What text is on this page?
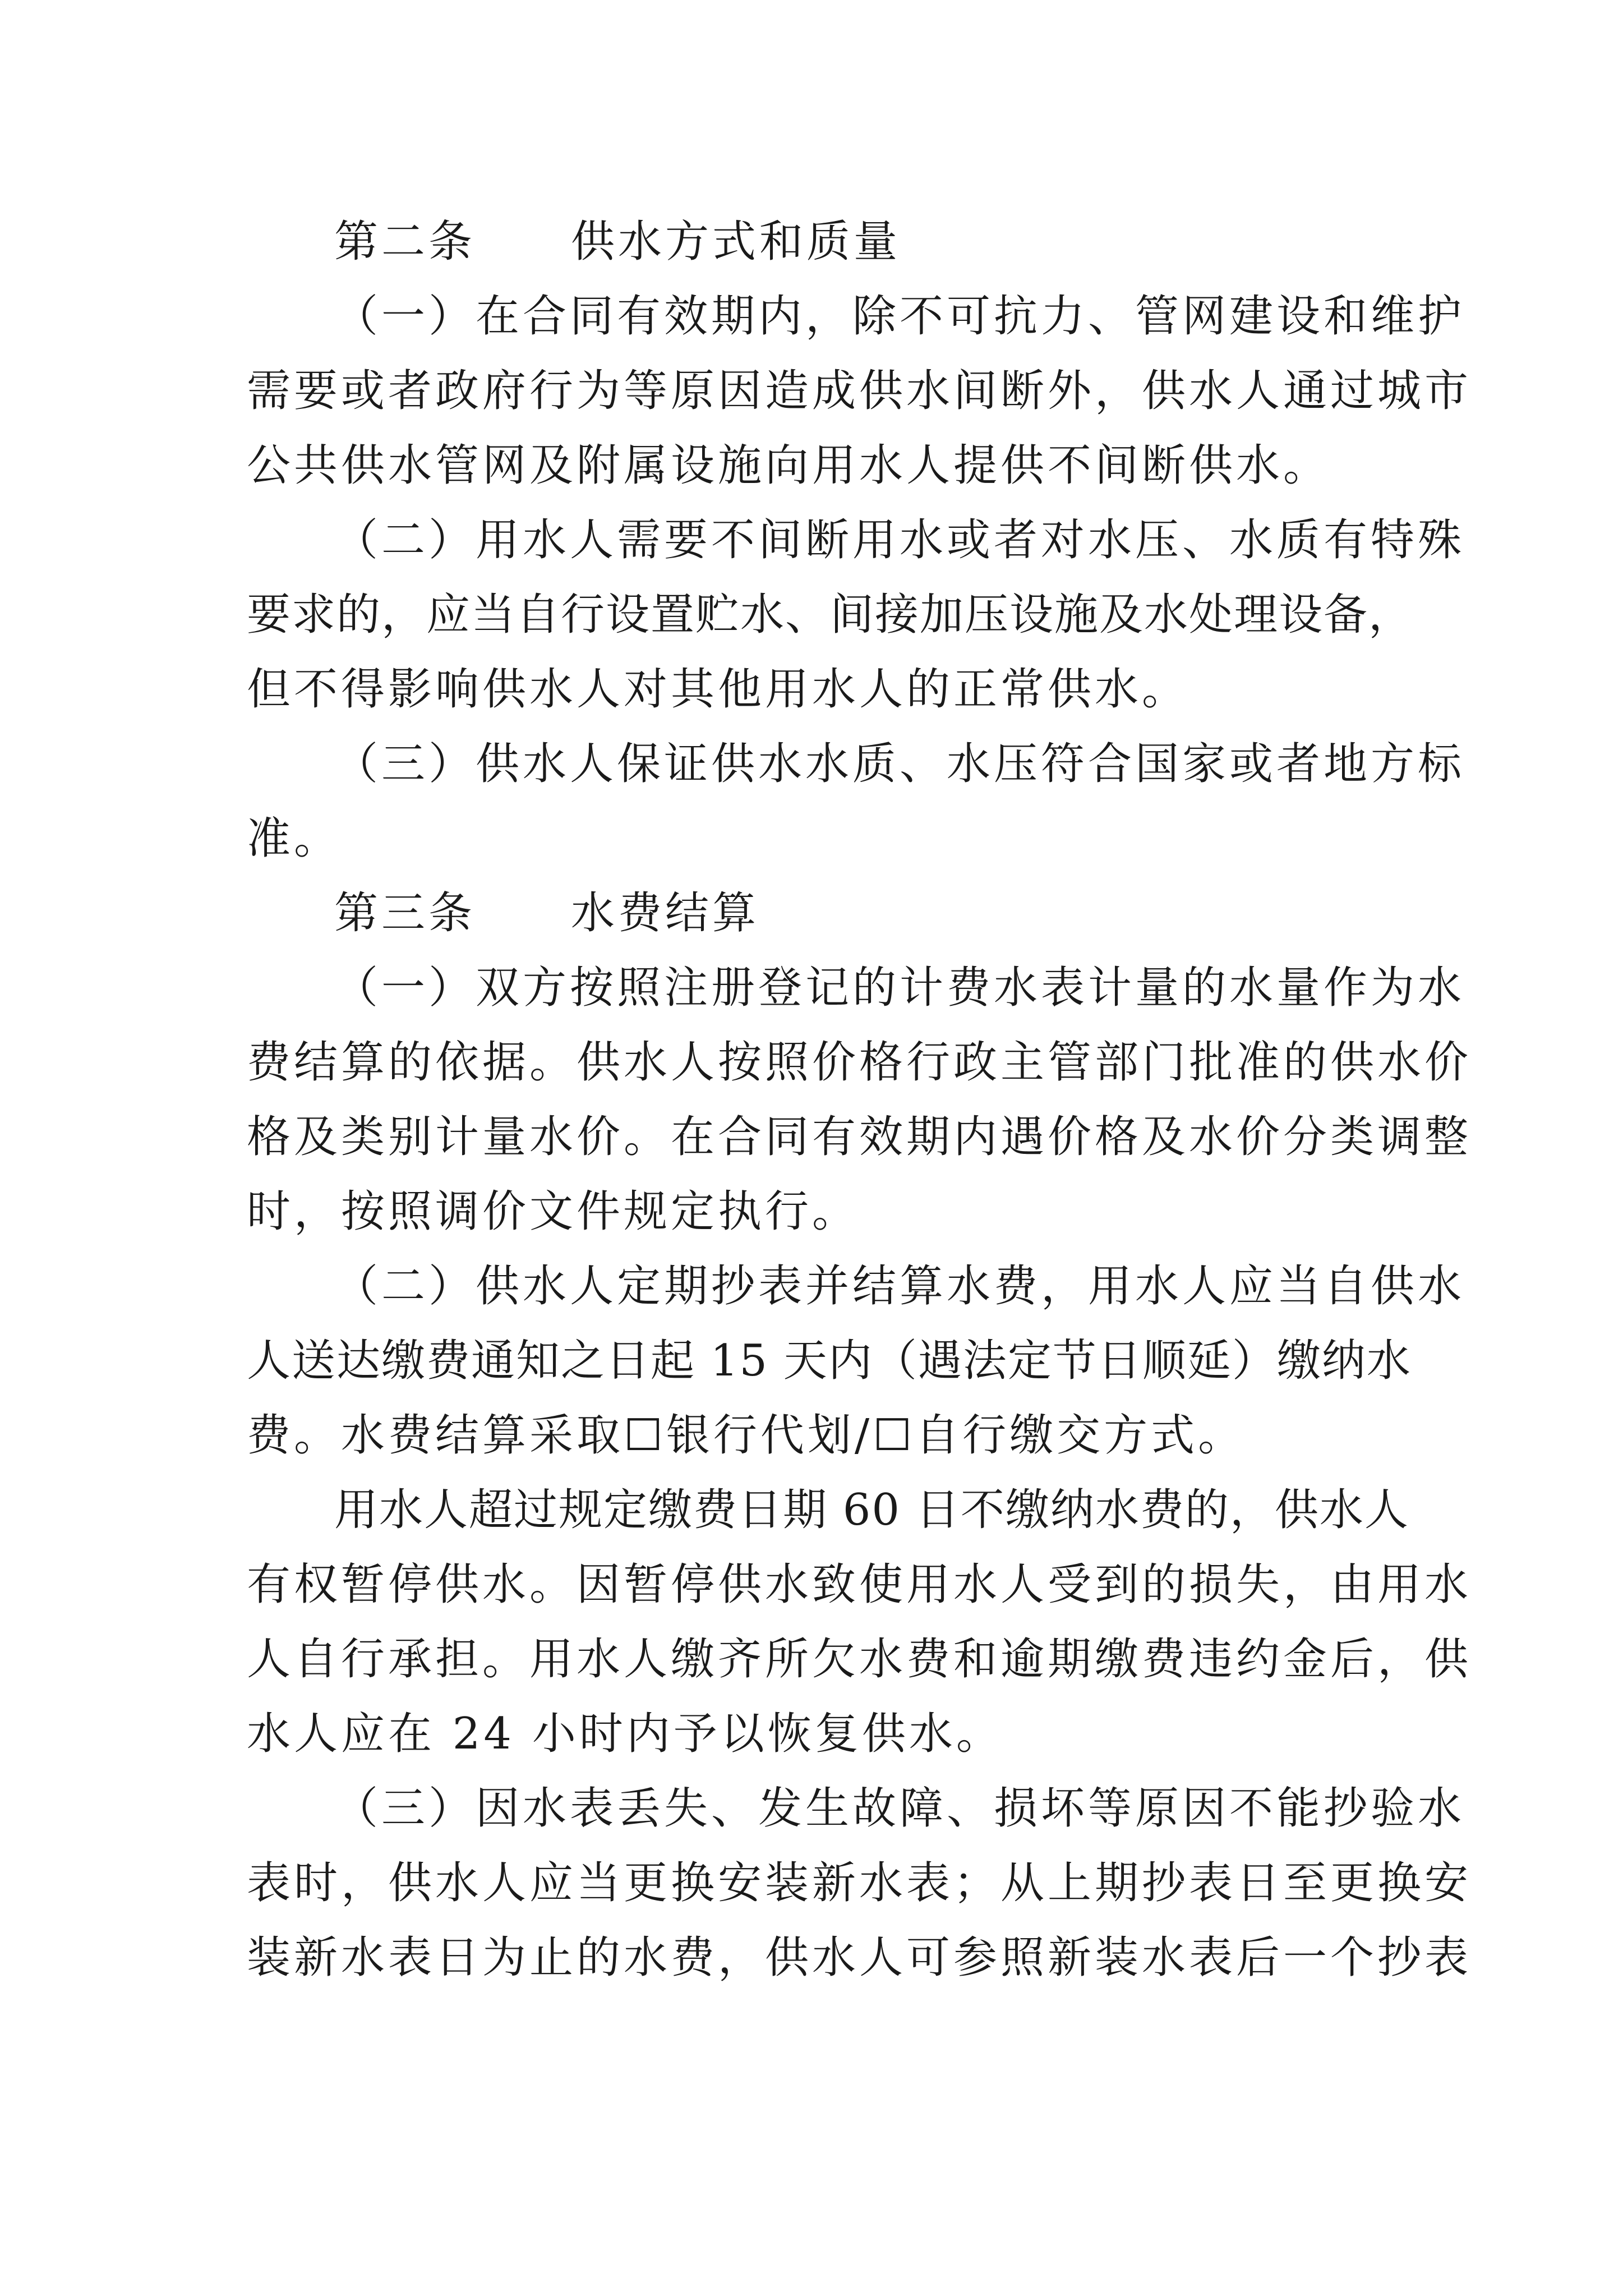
第二条 供水方式和质量
（一）在合同有效期内，除不可抗力、管网建设和维护
需要或者政府行为等原因造成供水间断外，供水人通过城市
公共供水管网及附属设施向用水人提供不间断供水。
（二）用水人需要不间断用水或者对水压、水质有特殊
要求的，应当自行设置贮水、间接加压设施及水处理设备，
但不得影响供水人对其他用水人的正常供水。
（三）供水人保证供水水质、水压符合国家或者地方标
准。
第三条 水费结算
（一）双方按照注册登记的计费水表计量的水量作为水
费结算的依据。供水人按照价格行政主管部门批准的供水价
格及类别计量水价。在合同有效期内遇价格及水价分类调整
时，按照调价文件规定执行。
（二）供水人定期抄表并结算水费，用水人应当自供水
人送达缴费通知之日起 15 天内（遇法定节日顺延）缴纳水
费。水费结算采取☐银行代划/☐自行缴交方式。
用水人超过规定缴费日期 60 日不缴纳水费的，供水人
有权暂停供水。因暂停供水致使用水人受到的损失，由用水
人自行承担。用水人缴齐所欠水费和逾期缴费违约金后，供
水人应在 24 小时内予以恢复供水。
（三）因水表丢失、发生故障、损坏等原因不能抄验水
表时，供水人应当更换安装新水表；从上期抄表日至更换安
装新水表日为止的水费，供水人可参照新装水表后一个抄表
